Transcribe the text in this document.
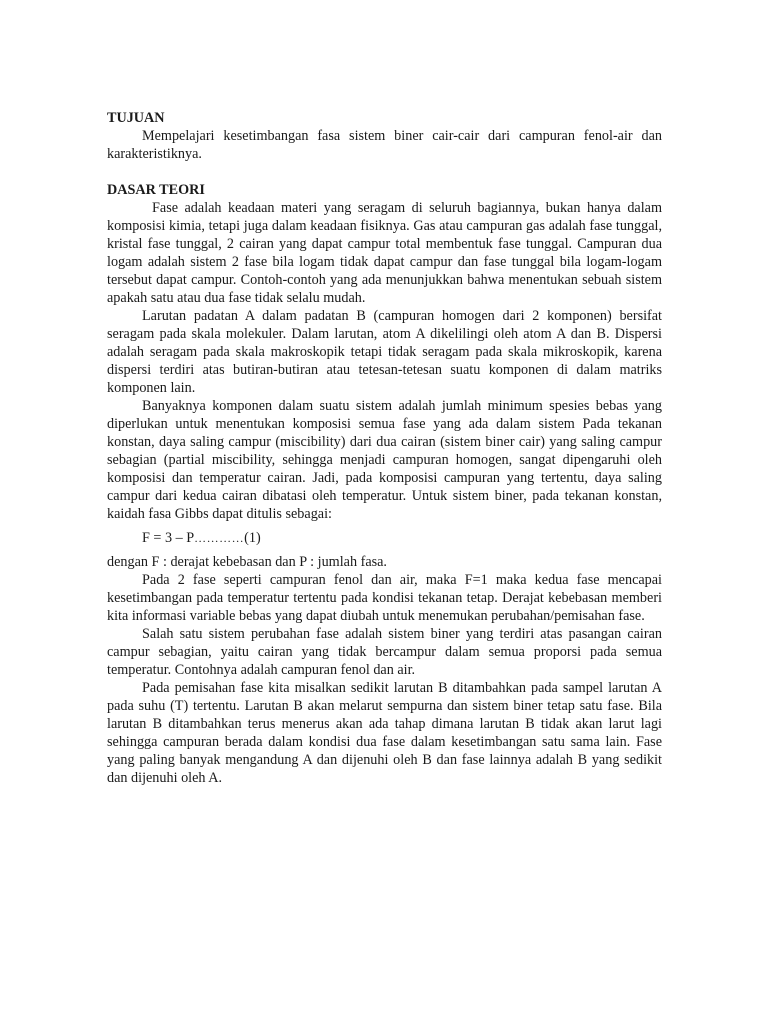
TUJUAN

Mempelajari kesetimbangan fasa sistem biner cair-cair dari campuran fenol-air dan karakteristiknya.

DASAR TEORI

Fase adalah keadaan materi yang seragam di seluruh bagiannya, bukan hanya dalam komposisi kimia, tetapi juga dalam keadaan fisiknya. Gas atau campuran gas adalah fase tunggal, kristal fase tunggal, 2 cairan yang dapat campur total membentuk fase tunggal. Campuran dua logam adalah sistem 2 fase bila logam tidak dapat campur dan fase tunggal bila logam-logam tersebut dapat campur. Contoh-contoh yang ada menunjukkan bahwa menentukan sebuah sistem apakah satu atau dua fase tidak selalu mudah.

Larutan padatan A dalam padatan B (campuran homogen dari 2 komponen) bersifat seragam pada skala molekuler. Dalam larutan, atom A dikelilingi oleh atom A dan B. Dispersi adalah seragam pada skala makroskopik tetapi tidak seragam pada skala mikroskopik, karena dispersi terdiri atas butiran-butiran atau tetesan-tetesan suatu komponen di dalam matriks komponen lain.

Banyaknya komponen dalam suatu sistem adalah jumlah minimum spesies bebas yang diperlukan untuk menentukan komposisi semua fase yang ada dalam sistem Pada tekanan konstan, daya saling campur (miscibility) dari dua cairan (sistem biner cair) yang saling campur sebagian (partial miscibility, sehingga menjadi campuran homogen, sangat dipengaruhi oleh komposisi dan temperatur cairan. Jadi, pada komposisi campuran yang tertentu, daya saling campur dari kedua cairan dibatasi oleh temperatur. Untuk sistem biner, pada tekanan konstan, kaidah fasa Gibbs dapat ditulis sebagai:

F = 3 – P…………(1)

dengan F : derajat kebebasan dan P : jumlah fasa.

Pada 2 fase seperti campuran fenol dan air, maka F=1 maka kedua fase mencapai kesetimbangan pada temperatur tertentu pada kondisi tekanan tetap. Derajat kebebasan memberi kita informasi variable bebas yang dapat diubah untuk menemukan perubahan/pemisahan fase.

Salah satu sistem perubahan fase adalah sistem biner yang terdiri atas pasangan cairan campur sebagian, yaitu cairan yang tidak bercampur dalam semua proporsi pada semua temperatur. Contohnya adalah campuran fenol dan air.

Pada pemisahan fase kita misalkan sedikit larutan B ditambahkan pada sampel larutan A pada suhu (T) tertentu. Larutan B akan melarut sempurna dan sistem biner tetap satu fase. Bila larutan B ditambahkan terus menerus akan ada tahap dimana larutan B tidak akan larut lagi sehingga campuran berada dalam kondisi dua fase dalam kesetimbangan satu sama lain. Fase yang paling banyak mengandung A dan dijenuhi oleh B dan fase lainnya adalah B yang sedikit dan dijenuhi oleh A.
